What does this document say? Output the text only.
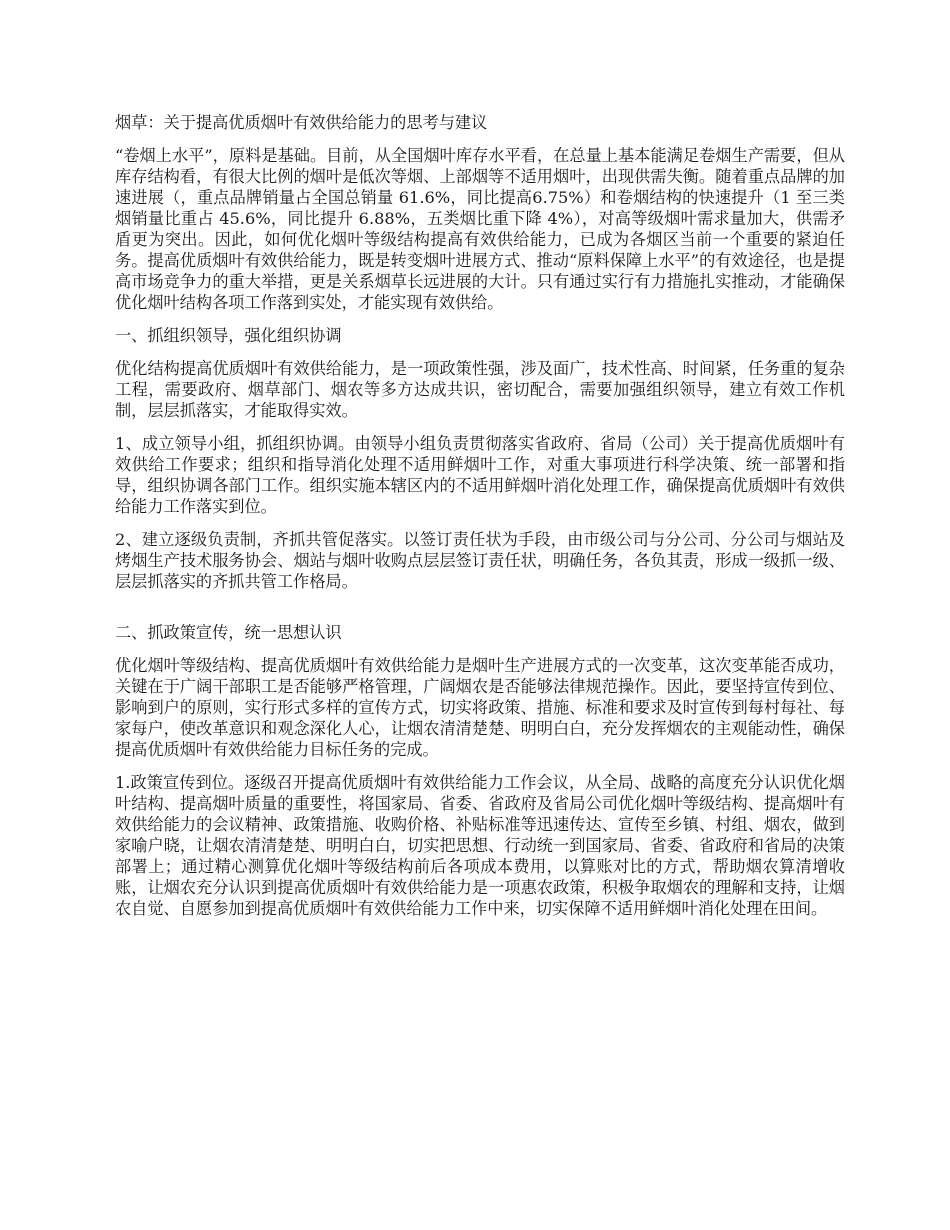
烟草：关于提高优质烟叶有效供给能力的思考与建议

“卷烟上水平”，原料是基础。目前，从全国烟叶库存水平看，在总量上基本能满足卷烟生产需要，但从库存结构看，有很大比例的烟叶是低次等烟、上部烟等不适用烟叶，出现供需失衡。随着重点品牌的加速进展（，重点品牌销量占全国总销量 61.6%，同比提高6.75%）和卷烟结构的快速提升（1 至三类烟销量比重占 45.6%，同比提升 6.88%，五类烟比重下降 4%），对高等级烟叶需求量加大，供需矛盾更为突出。因此，如何优化烟叶等级结构提高有效供给能力，已成为各烟区当前一个重要的紧迫任务。提高优质烟叶有效供给能力，既是转变烟叶进展方式、推动“原料保障上水平”的有效途径，也是提高市场竞争力的重大举措，更是关系烟草长远进展的大计。只有通过实行有力措施扎实推动，才能确保优化烟叶结构各项工作落到实处，才能实现有效供给。

一、抓组织领导，强化组织协调

优化结构提高优质烟叶有效供给能力，是一项政策性强，涉及面广，技术性高、时间紧，任务重的复杂工程，需要政府、烟草部门、烟农等多方达成共识，密切配合，需要加强组织领导，建立有效工作机制，层层抓落实，才能取得实效。

1、成立领导小组，抓组织协调。由领导小组负责贯彻落实省政府、省局（公司）关于提高优质烟叶有效供给工作要求；组织和指导消化处理不适用鲜烟叶工作，对重大事项进行科学决策、统一部署和指导，组织协调各部门工作。组织实施本辖区内的不适用鲜烟叶消化处理工作，确保提高优质烟叶有效供给能力工作落实到位。

2、建立逐级负责制，齐抓共管促落实。以签订责任状为手段，由市级公司与分公司、分公司与烟站及烤烟生产技术服务协会、烟站与烟叶收购点层层签订责任状，明确任务，各负其责，形成一级抓一级、层层抓落实的齐抓共管工作格局。

二、抓政策宣传，统一思想认识

优化烟叶等级结构、提高优质烟叶有效供给能力是烟叶生产进展方式的一次变革，这次变革能否成功，关键在于广阔干部职工是否能够严格管理，广阔烟农是否能够法律规范操作。因此，要坚持宣传到位、影响到户的原则，实行形式多样的宣传方式，切实将政策、措施、标准和要求及时宣传到每村每社、每家每户，使改革意识和观念深化人心，让烟农清清楚楚、明明白白，充分发挥烟农的主观能动性，确保提高优质烟叶有效供给能力目标任务的完成。

1.政策宣传到位。逐级召开提高优质烟叶有效供给能力工作会议，从全局、战略的高度充分认识优化烟叶结构、提高烟叶质量的重要性，将国家局、省委、省政府及省局公司优化烟叶等级结构、提高烟叶有效供给能力的会议精神、政策措施、收购价格、补贴标准等迅速传达、宣传至乡镇、村组、烟农，做到家喻户晓，让烟农清清楚楚、明明白白，切实把思想、行动统一到国家局、省委、省政府和省局的决策部署上；通过精心测算优化烟叶等级结构前后各项成本费用，以算账对比的方式，帮助烟农算清增收账，让烟农充分认识到提高优质烟叶有效供给能力是一项惠农政策，积极争取烟农的理解和支持，让烟农自觉、自愿参加到提高优质烟叶有效供给能力工作中来，切实保障不适用鲜烟叶消化处理在田间。
